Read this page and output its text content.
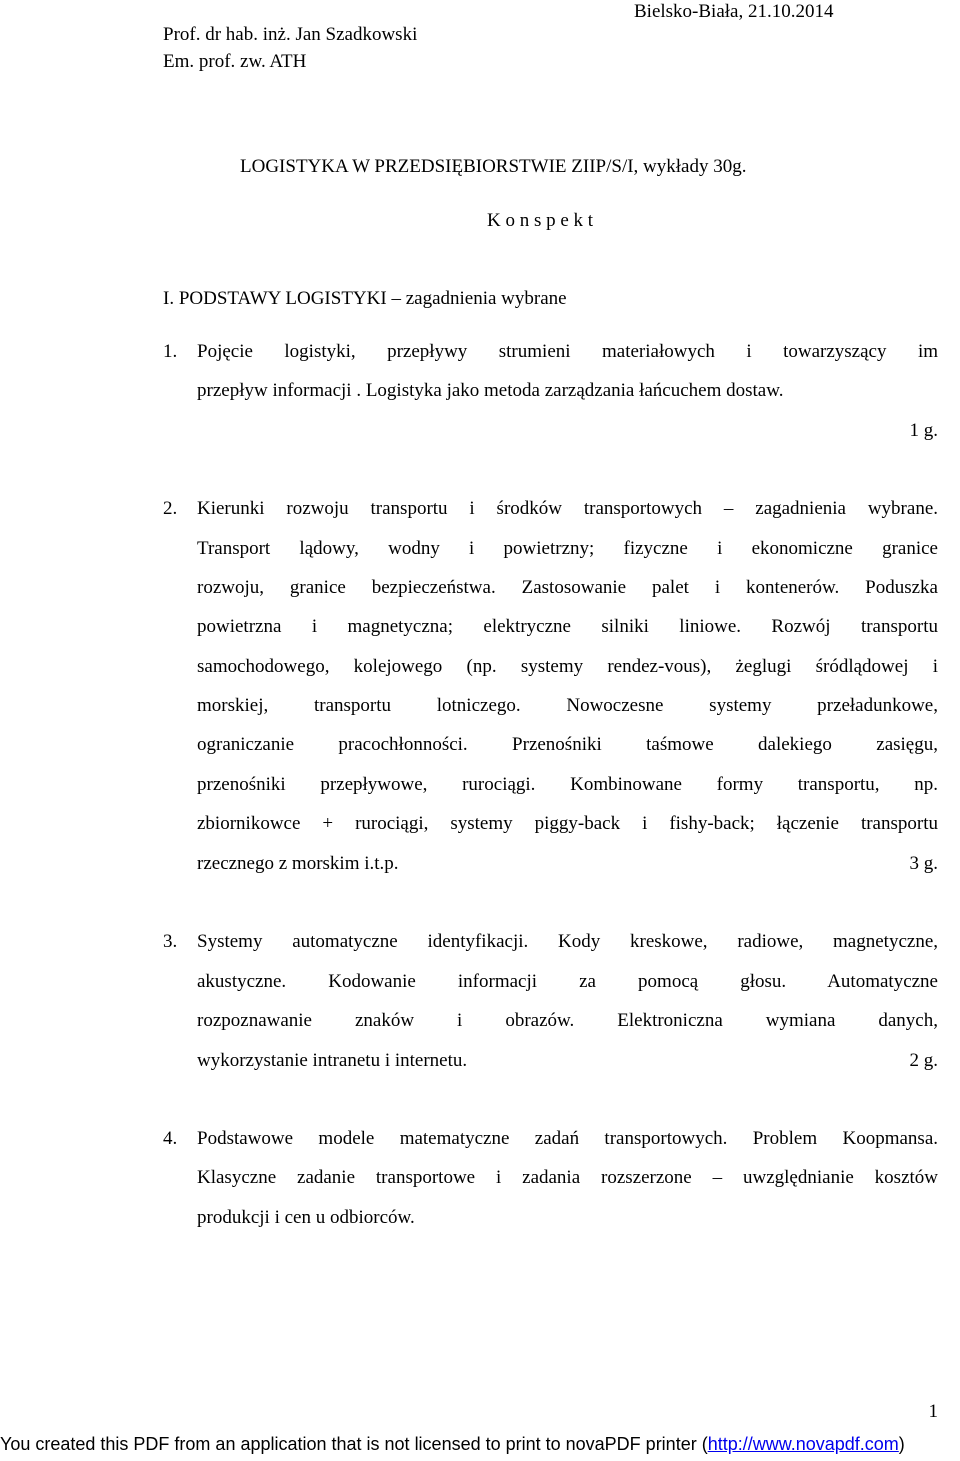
Prof. dr hab. inż. Jan Szadkowski
Em. prof. zw. ATH
Bielsko-Biała, 21.10.2014
LOGISTYKA W PRZEDSIĘBIORSTWIE ZIIP/S/I, wykłady 30g.
K o n s p e k t
I. PODSTAWY LOGISTYKI – zagadnienia wybrane
1. Pojęcie logistyki, przepływy strumieni materiałowych i towarzyszący im
przepływ informacji . Logistyka jako metoda zarządzania łańcuchem dostaw.
1 g.
2. Kierunki rozwoju transportu i środków transportowych – zagadnienia wybrane.
Transport lądowy, wodny i powietrzny; fizyczne i ekonomiczne granice
rozwoju, granice bezpieczeństwa. Zastosowanie palet i kontenerów. Poduszka
powietrzna i magnetyczna; elektryczne silniki liniowe. Rozwój transportu
samochodowego, kolejowego (np. systemy rendez-vous), żeglugi śródlądowej i
morskiej, transportu lotniczego. Nowoczesne systemy przeładunkowe,
ograniczanie pracochłonności. Przenośniki taśmowe dalekiego zasięgu,
przenośniki przepływowe, rurociągi. Kombinowane formy transportu, np.
zbiornikowce + rurociągi, systemy piggy-back i fishy-back; łączenie transportu
rzecznego z morskim i.t.p.	3 g.
3. Systemy automatyczne identyfikacji. Kody kreskowe, radiowe, magnetyczne,
akustyczne. Kodowanie informacji za pomocą głosu. Automatyczne
rozpoznawanie znaków i obrazów. Elektroniczna wymiana danych,
wykorzystanie intranetu i internetu.	2 g.
4. Podstawowe modele matematyczne zadań transportowych. Problem Koopmansa.
Klasyczne zadanie transportowe i zadania rozszerzone – uwzględnianie kosztów
produkcji i cen u odbiorców.
1
You created this PDF from an application that is not licensed to print to novaPDF printer (http://www.novapdf.com)
